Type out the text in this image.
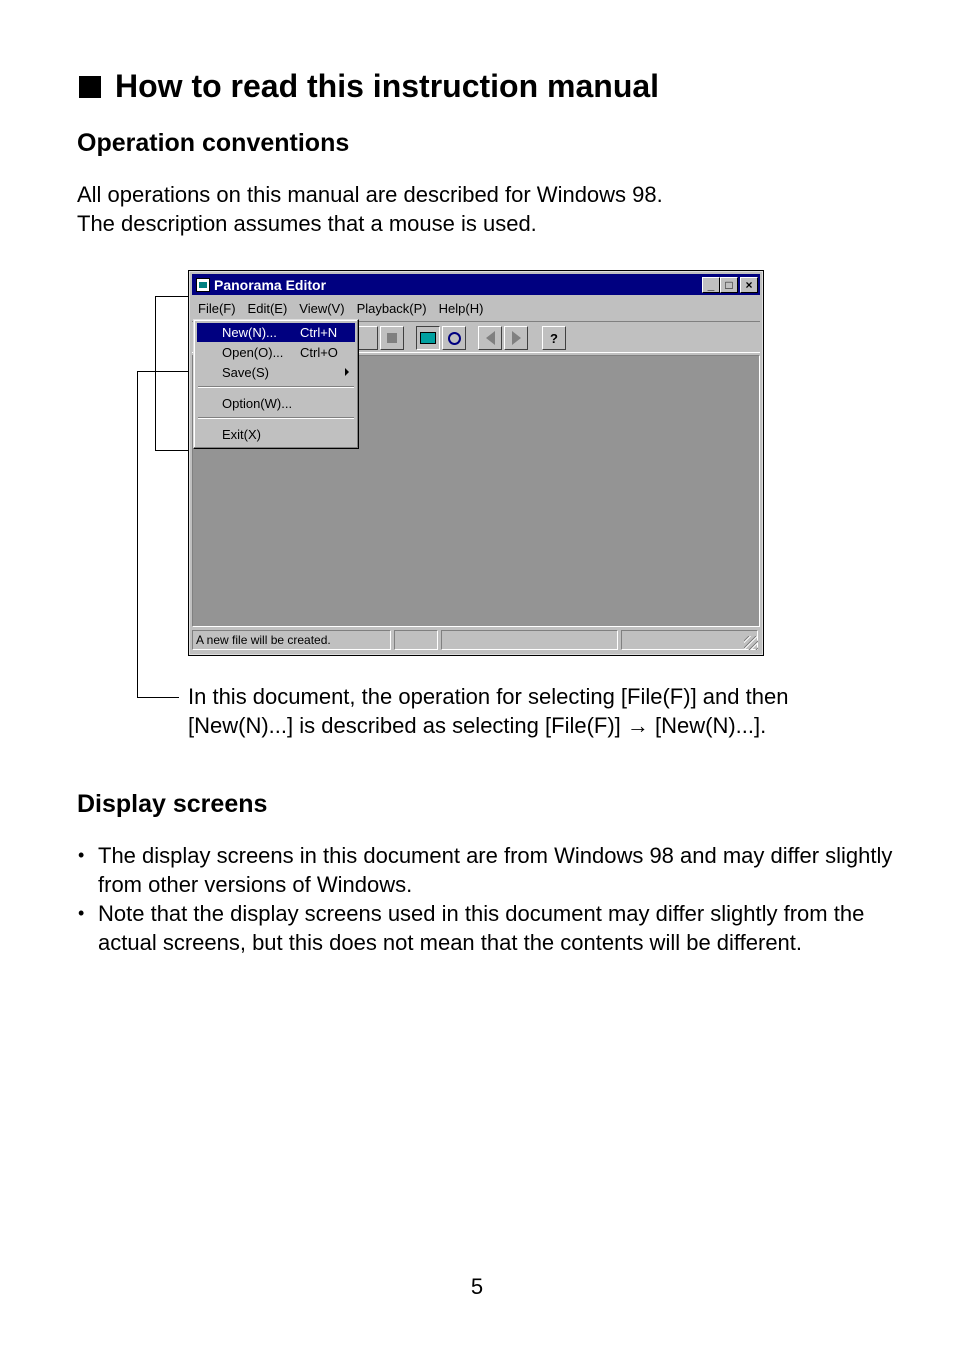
How to read this instruction manual
Operation conventions
All operations on this manual are described for Windows 98.
The description assumes that a mouse is used.
Panorama Editor	_ □	×
File(F) Edit(E) View(V) Playback(P) Help(H)
?
A new file will be created.
New(N)... Ctrl+N
Open(O)... Ctrl+O
Save(S)
Option(W)...
Exit(X)
In this document, the operation for selecting [File(F)] and then
[New(N)...] is described as selecting [File(F)] → [New(N)...].
Display screens
• The display screens in this document are from Windows 98 and may differ slightly from other versions of Windows.
• Note that the display screens used in this document may differ slightly from the actual screens, but this does not mean that the contents will be different.
5
